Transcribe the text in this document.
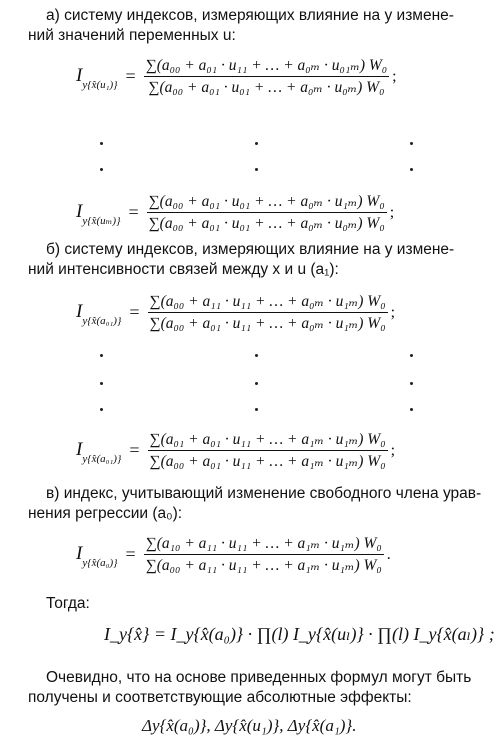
а) систему индексов, измеряющих влияние на y измене-
ний значений переменных u:
$I_{y\{x̂(u_1)\}} = \frac{\text{∑(a₀₀ + a₀₁ · u₁₁ + … + a₀ₘ · u₀₁ₘ) W₀}}{\text{∑(a₀₀ + a₀₁ · u₀₁ + … + a₀ₘ · u₀ₘ) W₀}}$ ;
$I_{y\{x̂(u_m)\}} = \frac{\text{∑(a₀₀ + a₀₁ · u₀₁ + … + a₀ₘ · u₁ₘ) W₀}}{\text{∑(a₀₀ + a₀₁ · u₀₁ + … + a₀ₘ · u₀ₘ) W₀}}$ ;
б) систему индексов, измеряющих влияние на y измене-
ний интенсивности связей между x и u (a₁):
$I_{y\{x̂(a_{01})\}} = \frac{\text{∑(a₀₀ + a₁₁ · u₁₁ + … + a₀ₘ · u₁ₘ) W₀}}{\text{∑(a₀₀ + a₀₁ · u₁₁ + … + a₀ₘ · u₁ₘ) W₀}}$ ;
$I_{y\{x̂(a_{01})\}} = \frac{\text{∑(a₀₁ + a₀₁ · u₁₁ + … + a₁ₘ · u₁ₘ) W₀}}{\text{∑(a₀₀ + a₀₁ · u₁₁ + … + a₁ₘ · u₁ₘ) W₀}}$ ;
в) индекс, учитывающий изменение свободного члена урав-
нения регрессии (a₀):
$I_{y\{x̂(a_0)\}} = \frac{\text{∑(a₁₀ + a₁₁ · u₁₁ + … + a₁ₘ · u₁ₘ) W₀}}{\text{∑(a₀₀ + a₁₁ · u₁₁ + … + a₁ₘ · u₁ₘ) W₀}}$ .
Тогда:
I_y{x̂} = I_y{x̂(a₀)} · ∏(l) I_y{x̂(uₗ)} · ∏(l) I_y{x̂(aₗ)} ;
Очевидно, что на основе приведенных формул могут быть
получены и соответствующие абсолютные эффекты:
Δy{x̂(a₀)}, Δy{x̂(u₁)}, Δy{x̂(a₁)}.
